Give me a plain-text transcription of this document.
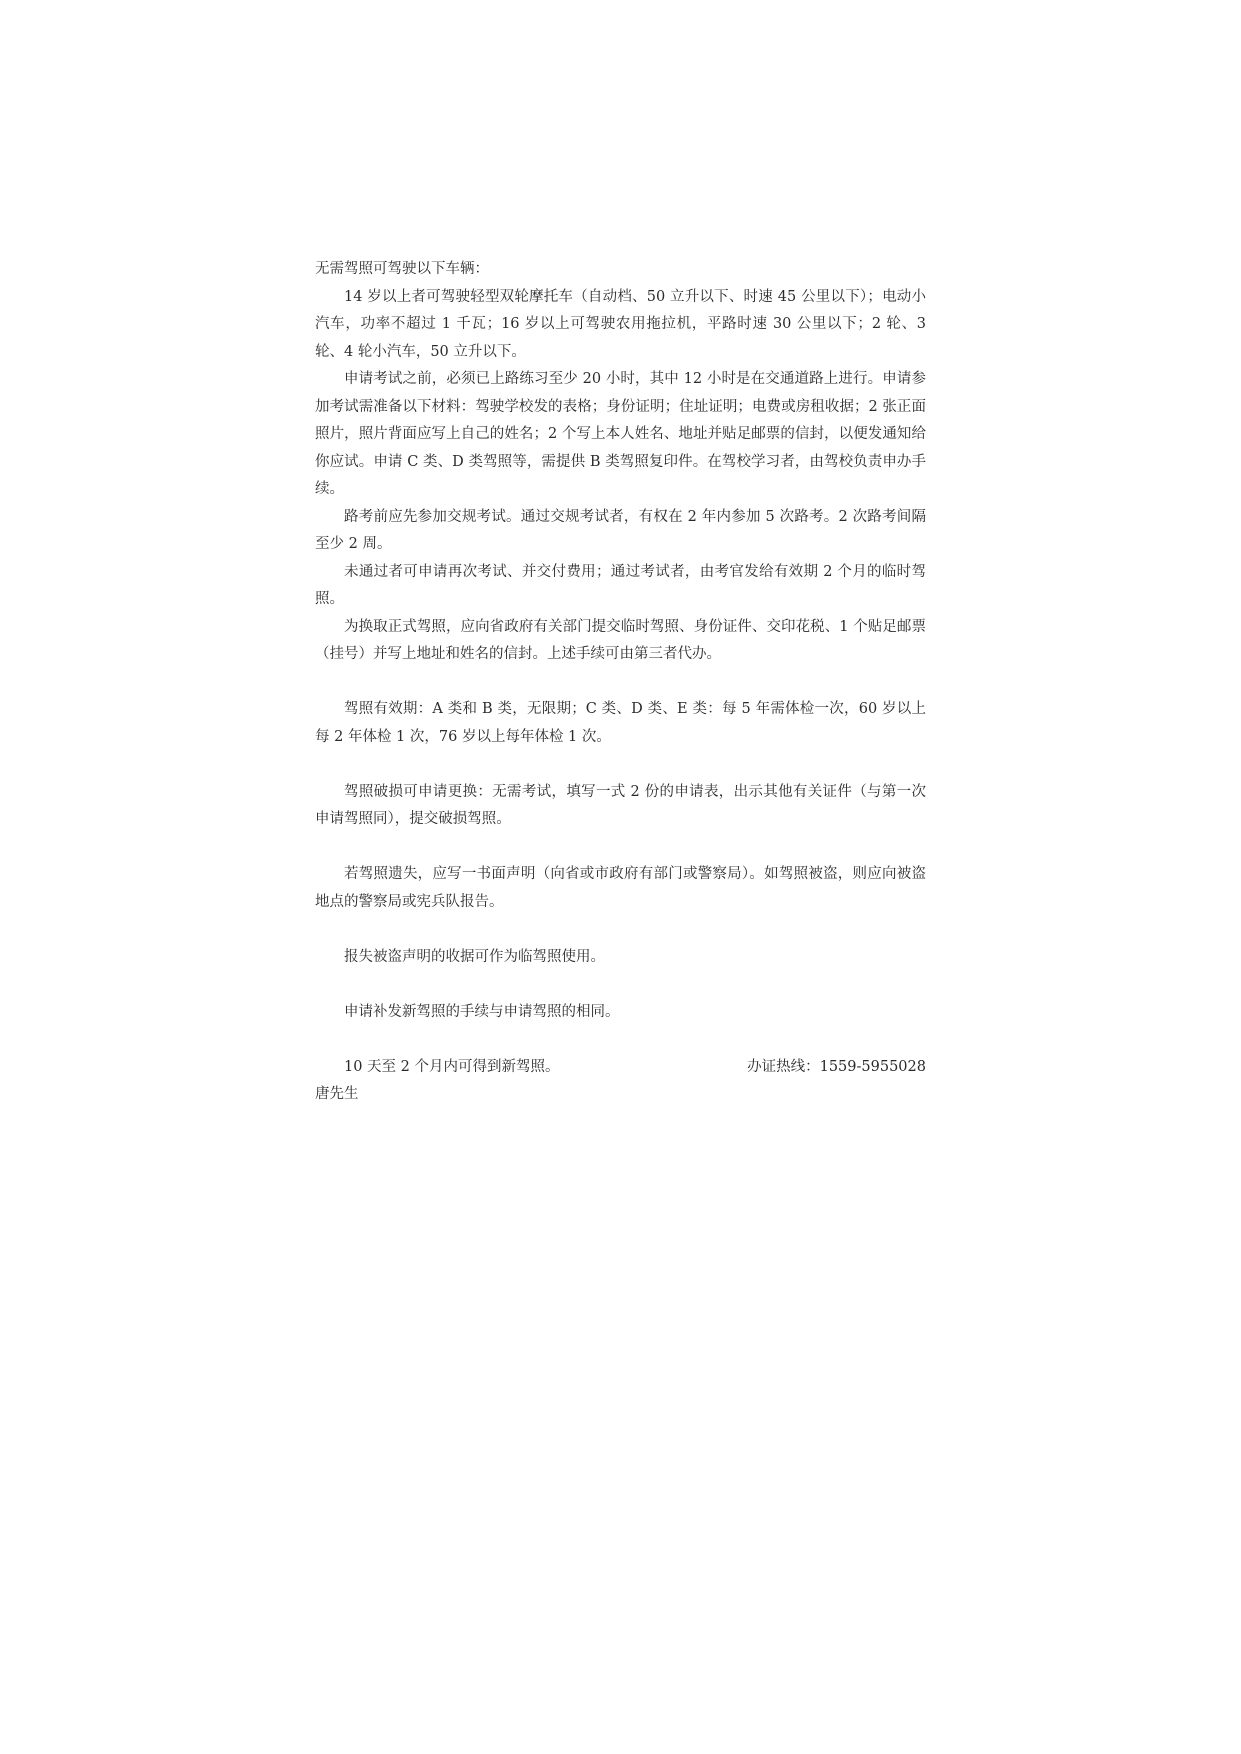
无需驾照可驾驶以下车辆：

14 岁以上者可驾驶轻型双轮摩托车（自动档、50 立升以下、时速 45 公里以下）；电动小汽车，功率不超过 1 千瓦；16 岁以上可驾驶农用拖拉机，平路时速 30 公里以下；2 轮、3 轮、4 轮小汽车，50 立升以下。

申请考试之前，必须已上路练习至少 20 小时，其中 12 小时是在交通道路上进行。申请参加考试需准备以下材料：驾驶学校发的表格；身份证明；住址证明；电费或房租收据；2 张正面照片，照片背面应写上自己的姓名；2 个写上本人姓名、地址并贴足邮票的信封，以便发通知给你应试。申请 C 类、D 类驾照等，需提供 B 类驾照复印件。在驾校学习者，由驾校负责申办手续。

路考前应先参加交规考试。通过交规考试者，有权在 2 年内参加 5 次路考。2 次路考间隔至少 2 周。

未通过者可申请再次考试、并交付费用；通过考试者，由考官发给有效期 2 个月的临时驾照。

为换取正式驾照，应向省政府有关部门提交临时驾照、身份证件、交印花税、1 个贴足邮票（挂号）并写上地址和姓名的信封。上述手续可由第三者代办。

驾照有效期：A 类和 B 类，无限期；C 类、D 类、E 类：每 5 年需体检一次，60 岁以上每 2 年体检 1 次，76 岁以上每年体检 1 次。

驾照破损可申请更换：无需考试，填写一式 2 份的申请表，出示其他有关证件（与第一次申请驾照同），提交破损驾照。

若驾照遗失，应写一书面声明（向省或市政府有部门或警察局）。如驾照被盗，则应向被盗地点的警察局或宪兵队报告。

报失被盗声明的收据可作为临驾照使用。

申请补发新驾照的手续与申请驾照的相同。

10 天至 2 个月内可得到新驾照。	办证热线：1559-5955028

唐先生
